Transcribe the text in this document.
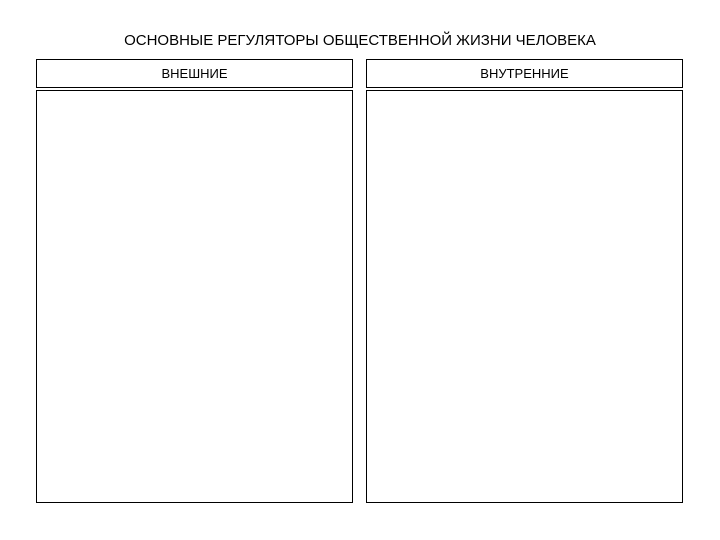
ОСНОВНЫЕ РЕГУЛЯТОРЫ ОБЩЕСТВЕННОЙ ЖИЗНИ ЧЕЛОВЕКА
ВНЕШНИЕ	ВНУТРЕННИЕ
